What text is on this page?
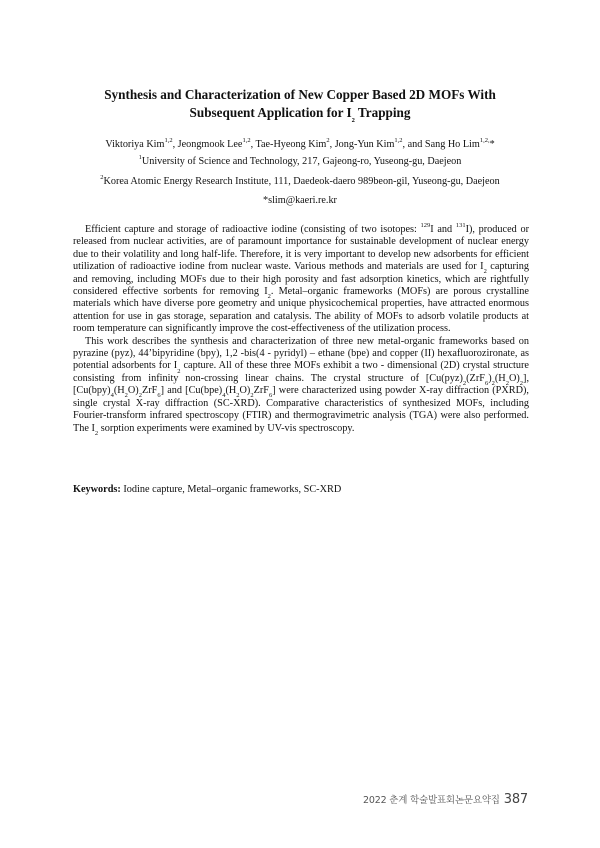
Synthesis and Characterization of New Copper Based 2D MOFs With
Subsequent Application for $I_2$ Trapping
Viktoriya Kim$^{1,2}$, Jeongmook Lee$^{1,2}$, Tae-Hyeong Kim$^2$, Jong-Yun Kim$^{1,2}$, and Sang Ho Lim$^{1,2,}$*
$^1$University of Science and Technology, 217, Gajeong-ro, Yuseong-gu, Daejeon
$^2$Korea Atomic Energy Research Institute, 111, Daedeok-daero 989beon-gil, Yuseong-gu, Daejeon
*slim@kaeri.re.kr

Efficient capture and storage of radioactive iodine (consisting of two isotopes: $^{129}$I and $^{131}$I), produced or released from nuclear activities, are of paramount importance for sustainable development of nuclear energy due to their volatility and long half-life. Therefore, it is very important to develop new adsorbents for efficient utilization of radioactive iodine from nuclear waste. Various methods and materials are used for $I_2$ capturing and removing, including MOFs due to their high porosity and fast adsorption kinetics, which are rightfully considered effective sorbents for removing $I_2$. Metal–organic frameworks (MOFs) are porous crystalline materials which have diverse pore geometry and unique physicochemical properties, have attracted enormous attention for use in gas storage, separation and catalysis. The ability of MOFs to adsorb volatile products at room temperature can significantly improve the cost-effectiveness of the utilization process.

This work describes the synthesis and characterization of three new metal-organic frameworks based on pyrazine (pyz), 44’bipyridine (bpy), 1,2 -bis(4 - pyridyl) – ethane (bpe) and copper (II) hexafluorozironate, as potential adsorbents for $I_2$ capture. All of these three MOFs exhibit a two - dimensional (2D) crystal structure consisting from infinity non-crossing linear chains. The crystal structure of $[Cu(pyz)_2(ZrF_6)_2(H_2O)_2]$, $[Cu(bpy)_4(H_2O)_2ZrF_6]$ and $[Cu(bpe)_4(H_2O)_2ZrF_6]$ were characterized using powder X-ray diffraction (PXRD), single crystal X-ray diffraction (SC-XRD). Comparative characteristics of synthesized MOFs, including Fourier-transform infrared spectroscopy (FTIR) and thermogravimetric analysis (TGA) were also performed. The $I_2$ sorption experiments were examined by UV-vis spectroscopy.

Keywords: Iodine capture, Metal–organic frameworks, SC-XRD
2022 춘계 학술발표회논문요약집 387
